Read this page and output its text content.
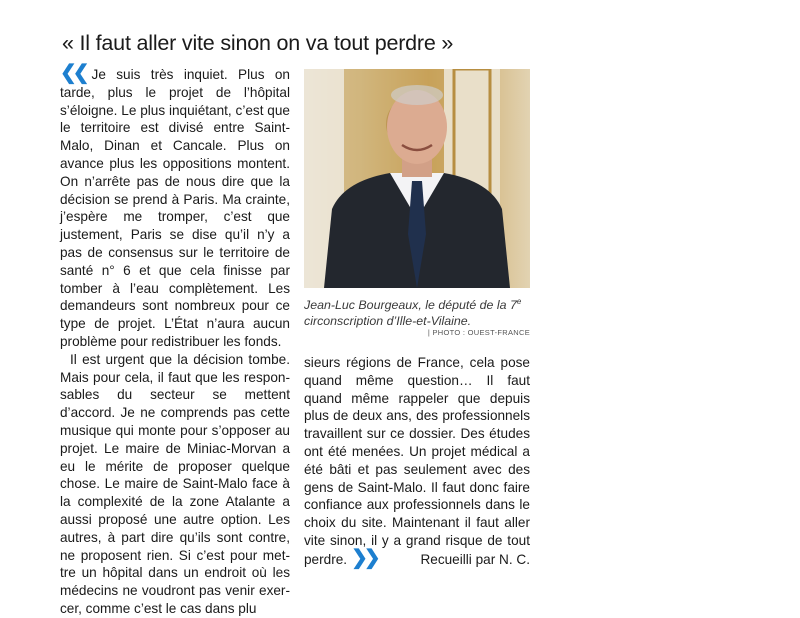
« Il faut aller vite sinon on va tout perdre »

❮❮ Je suis très inquiet. Plus on tarde, plus le projet de l’hôpital s’éloigne. Le plus inquiétant, c’est que le territoire est divisé entre Saint-Malo, Dinan et Cancale. Plus on avance plus les oppositions montent. On n’arrête pas de nous dire que la décision se prend à Paris. Ma crainte, j’espère me tromper, c’est que justement, Paris se dise qu’il n’y a pas de consensus sur le territoire de santé n° 6 et que cela finisse par tomber à l’eau complètement. Les demandeurs sont nombreux pour ce type de projet. L’État n’aura aucun problème pour redistribuer les fonds.

Il est urgent que la décision tombe. Mais pour cela, il faut que les responsables du secteur se mettent d’accord. Je ne comprends pas cette musique qui monte pour s’opposer au projet. Le maire de Miniac-Morvan a eu le mérite de proposer quelque chose. Le maire de Saint-Malo face à la complexité de la zone Atalante a aussi proposé une autre option. Les autres, à part dire qu’ils sont contre, ne proposent rien. Si c’est pour mettre un hôpital dans un endroit où les médecins ne voudront pas venir exercer, comme c’est le cas dans plu

Jean-Luc Bourgeaux, le député de la 7e circonscription d’Ille-et-Vilaine.
| PHOTO : OUEST-FRANCE

sieurs régions de France, cela pose quand même question… Il faut quand même rappeler que depuis plus de deux ans, des professionnels travaillent sur ce dossier. Des études ont été menées. Un projet médical a été bâti et pas seulement avec des gens de Saint-Malo. Il faut donc faire confiance aux professionnels dans le choix du site. Maintenant il faut aller vite sinon, il y a grand risque de tout perdre. ❯❯	Recueilli par N. C.
